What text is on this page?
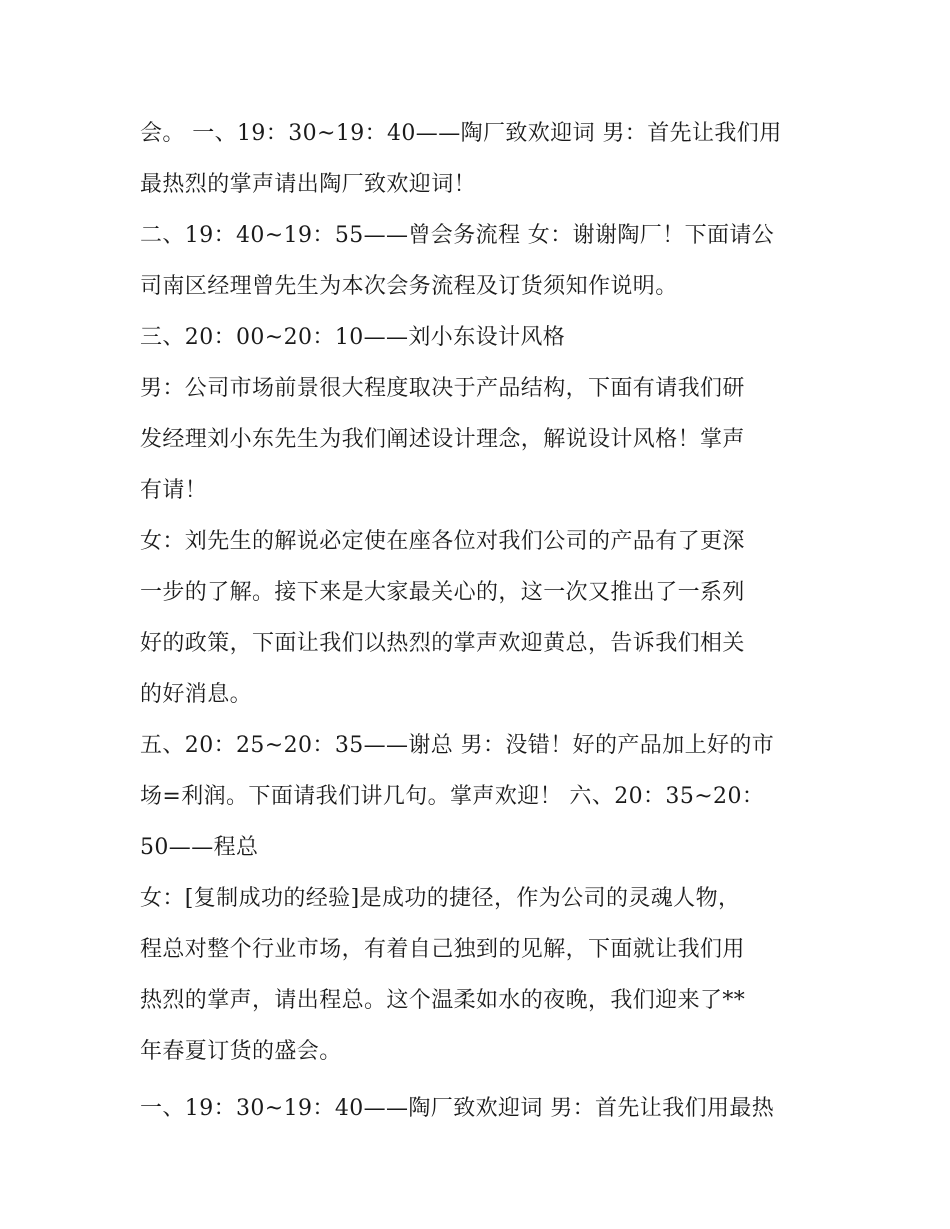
会。 一、19：30~19：40——陶厂致欢迎词 男：首先让我们用
最热烈的掌声请出陶厂致欢迎词！
二、19：40~19：55——曾会务流程 女：谢谢陶厂！下面请公
司南区经理曾先生为本次会务流程及订货须知作说明。
三、20：00~20：10——刘小东设计风格
男：公司市场前景很大程度取决于产品结构，下面有请我们研
发经理刘小东先生为我们阐述设计理念，解说设计风格！掌声
有请！
女：刘先生的解说必定使在座各位对我们公司的产品有了更深
一步的了解。接下来是大家最关心的，这一次又推出了一系列
好的政策，下面让我们以热烈的掌声欢迎黄总，告诉我们相关
的好消息。
五、20：25~20：35——谢总 男：没错！好的产品加上好的市
场=利润。下面请我们讲几句。掌声欢迎！ 六、20：35~20：
50——程总
女：[复制成功的经验]是成功的捷径，作为公司的灵魂人物，
程总对整个行业市场，有着自己独到的见解，下面就让我们用
热烈的掌声，请出程总。这个温柔如水的夜晚，我们迎来了**
年春夏订货的盛会。
一、19：30~19：40——陶厂致欢迎词 男：首先让我们用最热
